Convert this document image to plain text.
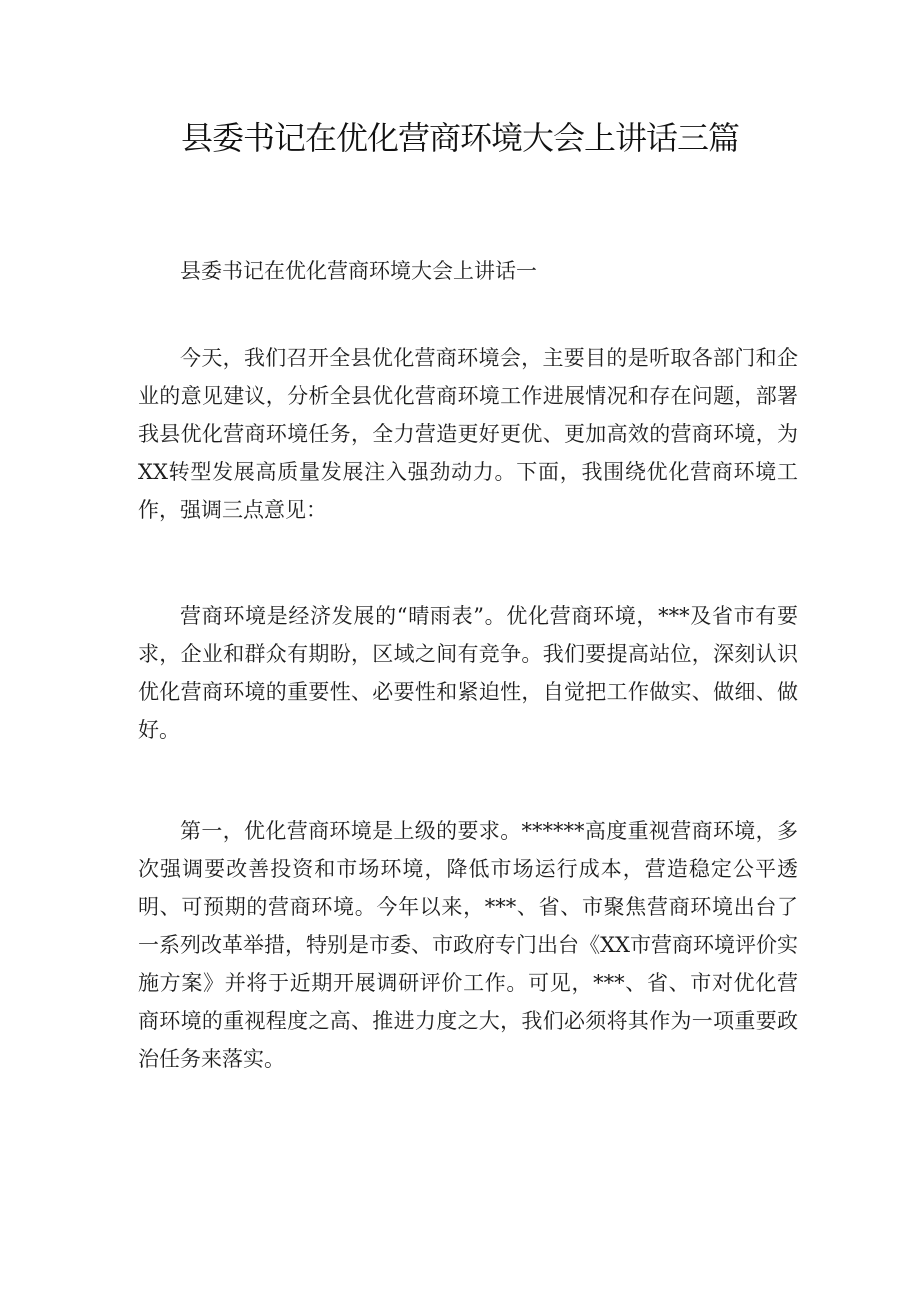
县委书记在优化营商环境大会上讲话三篇

县委书记在优化营商环境大会上讲话一

今天，我们召开全县优化营商环境会，主要目的是听取各部门和企业的意见建议，分析全县优化营商环境工作进展情况和存在问题，部署我县优化营商环境任务，全力营造更好更优、更加高效的营商环境，为XX转型发展高质量发展注入强劲动力。下面，我围绕优化营商环境工作，强调三点意见：

营商环境是经济发展的“晴雨表”。优化营商环境，***及省市有要求，企业和群众有期盼，区域之间有竞争。我们要提高站位，深刻认识优化营商环境的重要性、必要性和紧迫性，自觉把工作做实、做细、做好。

第一，优化营商环境是上级的要求。******高度重视营商环境，多次强调要改善投资和市场环境，降低市场运行成本，营造稳定公平透明、可预期的营商环境。今年以来，***、省、市聚焦营商环境出台了一系列改革举措，特别是市委、市政府专门出台《XX市营商环境评价实施方案》并将于近期开展调研评价工作。可见，***、省、市对优化营商环境的重视程度之高、推进力度之大，我们必须将其作为一项重要政治任务来落实。
